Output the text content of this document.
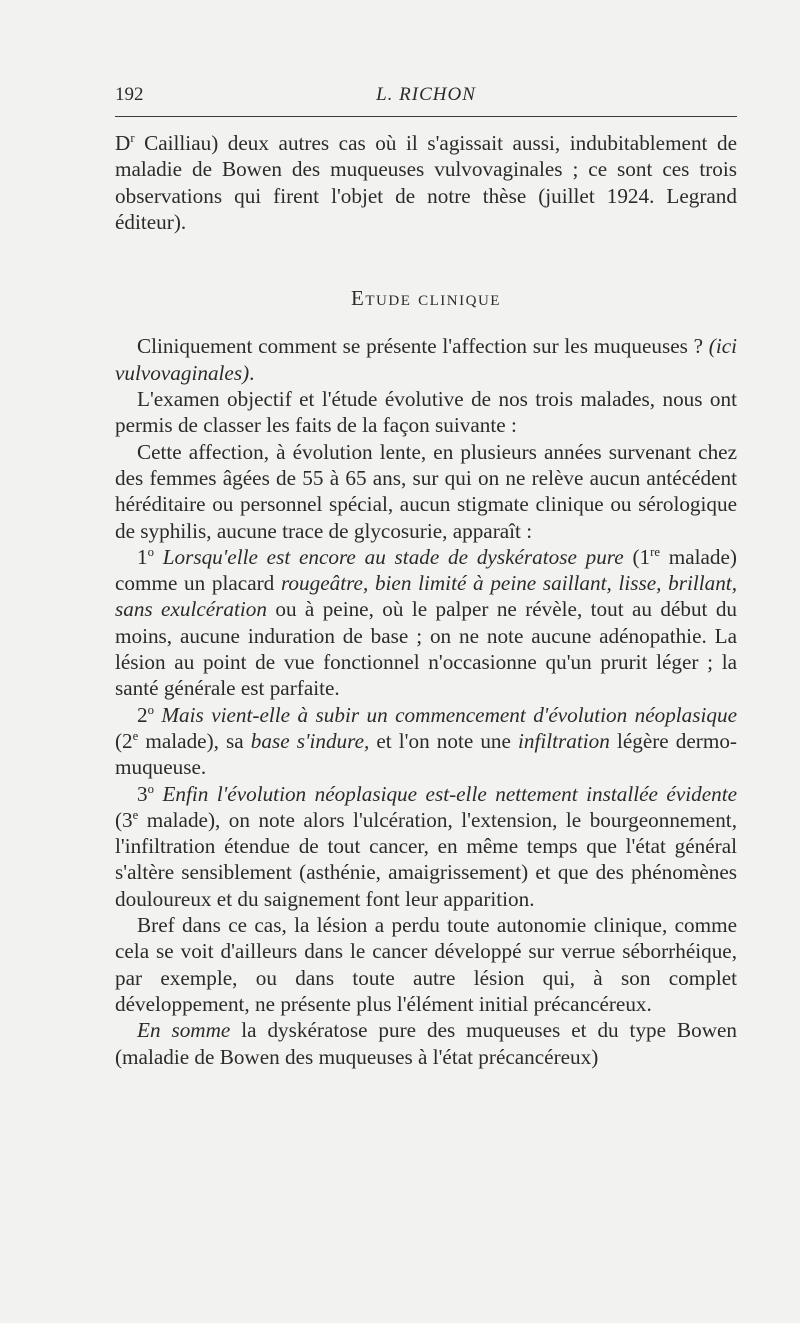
192	L. RICHON

$D^r$ Cailliau) deux autres cas où il s'agissait aussi, indubitablement de maladie de Bowen des muqueuses vulvovaginales ; ce sont ces trois observations qui firent l'objet de notre thèse (juillet 1924. Legrand éditeur).

Etude clinique

Cliniquement comment se présente l'affection sur les muqueuses ? (ici vulvovaginales).

L'examen objectif et l'étude évolutive de nos trois malades, nous ont permis de classer les faits de la façon suivante :

Cette affection, à évolution lente, en plusieurs années survenant chez des femmes âgées de 55 à 65 ans, sur qui on ne relève aucun antécédent héréditaire ou personnel spécial, aucun stigmate clinique ou sérologique de syphilis, aucune trace de glycosurie, apparaît :

1$^o$ Lorsqu'elle est encore au stade de dyskératose pure (1re malade) comme un placard rougeâtre, bien limité à peine saillant, lisse, brillant, sans exulcération ou à peine, où le palper ne révèle, tout au début du moins, aucune induration de base ; on ne note aucune adénopathie. La lésion au point de vue fonctionnel n'occasionne qu'un prurit léger ; la santé générale est parfaite.

2$^o$ Mais vient-elle à subir un commencement d'évolution néoplasique (2e malade), sa base s'indure, et l'on note une infiltration légère dermo-muqueuse.

3$^o$ Enfin l'évolution néoplasique est-elle nettement installée évidente (3e malade), on note alors l'ulcération, l'extension, le bourgeonnement, l'infiltration étendue de tout cancer, en même temps que l'état général s'altère sensiblement (asthénie, amaigrissement) et que des phénomènes douloureux et du saignement font leur apparition.

Bref dans ce cas, la lésion a perdu toute autonomie clinique, comme cela se voit d'ailleurs dans le cancer développé sur verrue séborrhéique, par exemple, ou dans toute autre lésion qui, à son complet développement, ne présente plus l'élément initial précancéreux.

En somme la dyskératose pure des muqueuses et du type Bowen (maladie de Bowen des muqueuses à l'état précancéreux)
